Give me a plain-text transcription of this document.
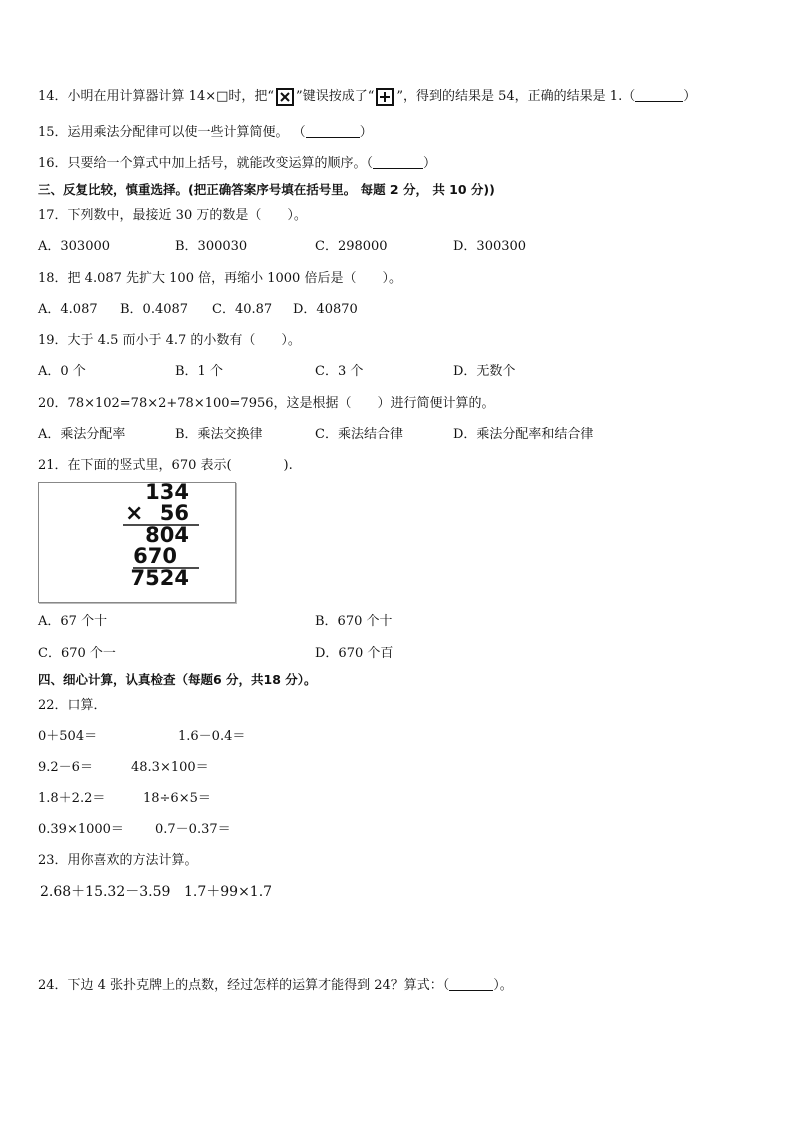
14．小明在用计算器计算 14×□时，把“ ”键误按成了“ ”，得到的结果是 54，正确的结果是 1.（	）
15．运用乘法分配律可以使一些计算简便。 （	）
16．只要给一个算式中加上括号，就能改变运算的顺序。（	）
三、反复比较，慎重选择。(把正确答案序号填在括号里。 每题 2 分， 共 10 分))
17．下列数中，最接近 30 万的数是（　　）。
A．303000	B．300030	C．298000	D．300300
18．把 4.087 先扩大 100 倍，再缩小 1000 倍后是（　　）。
A．4.087 B．0.4087 C．40.87 D．40870
19．大于 4.5 而小于 4.7 的小数有（　　）。
A．0 个	B．1 个	C．3 个	D．无数个
20．78×102=78×2+78×100=7956，这是根据（　　）进行简便计算的。
A．乘法分配率	B．乘法交换律	C．乘法结合律	D．乘法分配率和结合律
21．在下面的竖式里，670 表示(　　　　).
134
× 56
804
670
7524
A．67 个十	B．670 个十
C．670 个一	D．670 个百
四、细心计算，认真检查（每题6 分，共18 分）。
22．口算．
0＋504＝	1.6－0.4＝
9.2－6＝	48.3×100＝
1.8＋2.2＝	18÷6×5＝
0.39×1000＝ 0.7－0.37＝
23．用你喜欢的方法计算。
2.68＋15.32－3.59 1.7＋99×1.7
24．下边 4 张扑克牌上的点数，经过怎样的运算才能得到 24？算式：（	）。
